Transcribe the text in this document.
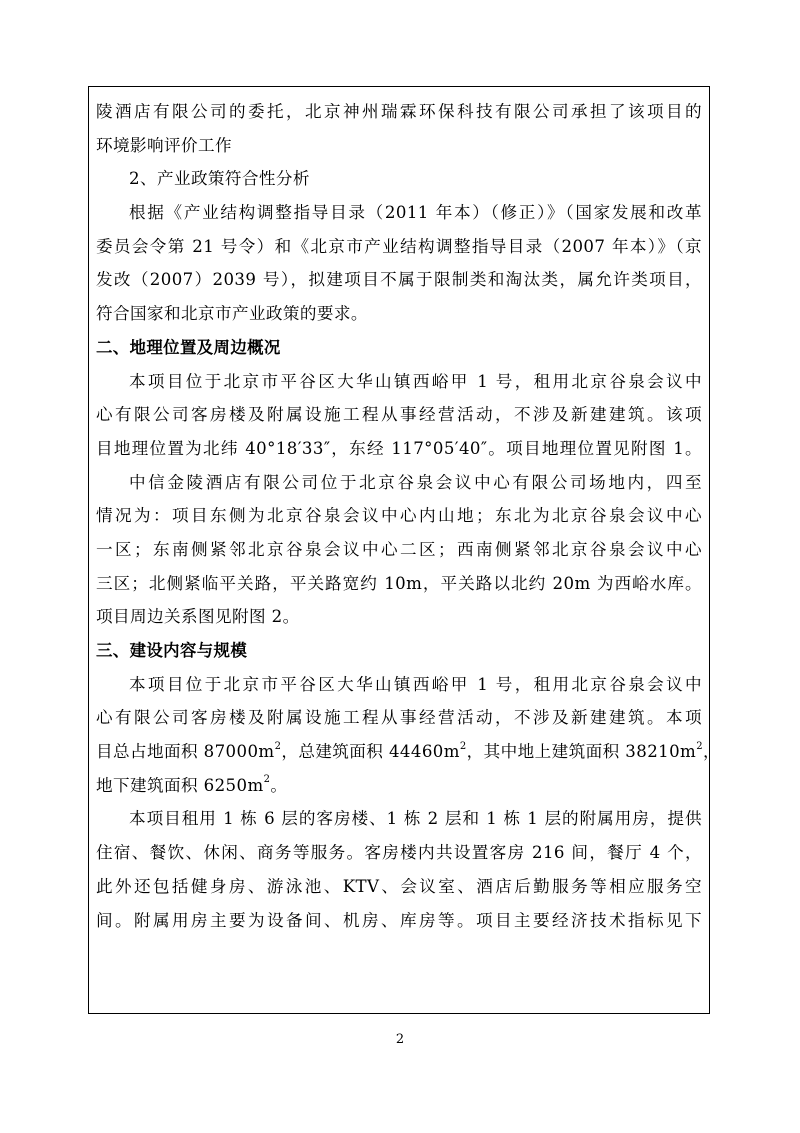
陵酒店有限公司的委托，北京神州瑞霖环保科技有限公司承担了该项目的
环境影响评价工作
2、产业政策符合性分析
根据《产业结构调整指导目录（2011 年本）（修正）》（国家发展和改革
委员会令第 21 号令）和《北京市产业结构调整指导目录（2007 年本）》（京
发改（2007）2039 号），拟建项目不属于限制类和淘汰类，属允许类项目，
符合国家和北京市产业政策的要求。
二、地理位置及周边概况
本项目位于北京市平谷区大华山镇西峪甲 1 号，租用北京谷泉会议中
心有限公司客房楼及附属设施工程从事经营活动，不涉及新建建筑。该项
目地理位置为北纬 40°18′33″，东经 117°05′40″。项目地理位置见附图 1。
中信金陵酒店有限公司位于北京谷泉会议中心有限公司场地内，四至
情况为：项目东侧为北京谷泉会议中心内山地；东北为北京谷泉会议中心
一区；东南侧紧邻北京谷泉会议中心二区；西南侧紧邻北京谷泉会议中心
三区；北侧紧临平关路，平关路宽约 10m，平关路以北约 20m 为西峪水库。
项目周边关系图见附图 2。
三、建设内容与规模
本项目位于北京市平谷区大华山镇西峪甲 1 号，租用北京谷泉会议中
心有限公司客房楼及附属设施工程从事经营活动，不涉及新建建筑。本项
目总占地面积 $87000m^2$，总建筑面积 $44460m^2$，其中地上建筑面积 $38210m^2$，
地下建筑面积 $6250m^2$。
本项目租用 1 栋 6 层的客房楼、1 栋 2 层和 1 栋 1 层的附属用房，提供
住宿、餐饮、休闲、商务等服务。客房楼内共设置客房 216 间，餐厅 4 个，
此外还包括健身房、游泳池、KTV、会议室、酒店后勤服务等相应服务空
间。附属用房主要为设备间、机房、库房等。项目主要经济技术指标见下
2
